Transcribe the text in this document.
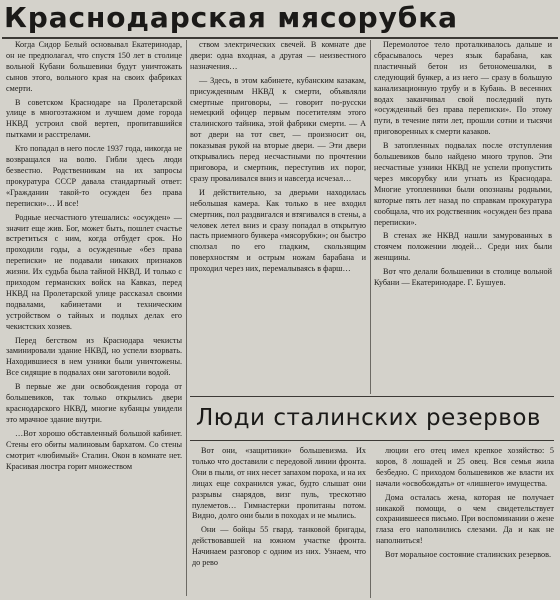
Краснодарская мясорубка

Когда Сидор Белый основывал Екатеринодар, он не предполагал, что спустя 150 лет в столице вольной Кубани большевики будут уничтожать сынов этого, вольного края на своих фабриках смерти.

В советском Краснодаре на Пролетарской улице в многоэтажном и лучшем доме города НКВД устроил свой вертеп, пропитавшийся пытками и расстрелами.

Кто попадал в него после 1937 года, никогда не возвращался на волю. Гибли здесь люди безвестно. Родственникам на их запросы прокуратура СССР давала стандартный ответ: «Гражданин такой-то осужден без права переписки»… И все!

Родные несчастного утешались: «осужден» — значит еще жив. Бог, может быть, пошлет счастье встретиться с ним, когда отбудет срок. Но проходили годы, а осужденные «без права переписки» не подавали никаких признаков жизни. Их судьба была тайной НКВД. И только с приходом германских войск на Кавказ, перед НКВД на Пролетарской улице рассказал своими подвалами, кабинетами и техническим устройством о тайных и подлых делах его чекистских хозяев.

Перед бегством из Краснодара чекисты заминировали здание НКВД, но успели взорвать. Находившиеся в нем узники были уничтожены. Все сидящие в подвалах они заготовили водой.

В первые же дни освобождения города от большевиков, так только открылись двери краснодарского НКВД, многие кубанцы увидели это мрачное здание внутри.

…Вот хорошо обставленный большой кабинет. Стены его обиты малиновым бархатом. Со стены смотрит «любимый» Сталин. Окон в комнате нет. Красивая люстра горит множеством

ством электрических свечей. В комнате две двери: одна входная, а другая — неизвестного назначения…

— Здесь, в этом кабинете, кубанским казакам, присужденным НКВД к смерти, объявляли смертные приговоры, — говорит по-русски немецкий офицер первым посетителям этого сталинского тайника, этой фабрики смерти. — А вот двери на тот свет, — произносит он, показывая рукой на вторые двери. — Эти двери открывались перед несчастными по прочтении приговора, и смертник, переступив их порог, сразу проваливался вниз и навсегда исчезал…

И действительно, за дверьми находилась небольшая камера. Как только в нее входил смертник, пол раздвигался и втягивался в стены, а человек летел вниз и сразу попадал в открытую пасть приемного бункера «мясорубки»; он быстро сползал по его гладким, скользящим поверхностям и острым ножам барабана и проходил через них, перемалываясь в фарш…

Перемолотое тело проталкивалось дальше и сбрасывалось через язык барабана, как пластичный бетон из бетономешалки, в следующий бункер, а из него — сразу в большую канализационную трубу и в Кубань. В весенних водах заканчивал свой последний путь «осужденный без права переписки». По этому пути, в течение пяти лет, прошли сотни и тысячи приговоренных к смерти казаков.

В затопленных подвалах после отступления большевиков было найдено много трупов. Эти несчастные узники НКВД не успели пропустить через мясорубку или угнать из Краснодара. Многие утопленники были опознаны родными, которые пять лет назад по справкам прокуратура сообщала, что их родственник «осужден без права переписки».

В стенах же НКВД нашли замурованных в стоячем положении людей… Среди них были женщины.

Вот что делали большевики в столице вольной Кубани — Екатеринодаре. Г. Бушуев.

Люди сталинских резервов

Вот они, «защитники» большевизма. Их только что доставили с передовой линии фронта. Они в пыли, от них несет запахом пороха, и на их лицах еще сохранился ужас, будто слышат они разрывы снарядов, визг пуль, трескотню пулеметов… Гимнастерки пропитаны потом. Видно, долго они были в походах и не мылись.

Они — бойцы 55 гвард. танковой бригады, действовавшей на южном участке фронта. Начинаем разговор с одним из них. Узнаем, что до рево

люции его отец имел крепкое хозяйство: 5 коров, 8 лошадей и 25 овец. Вся семья жила безбедно. С приходом большевиков же власти их начали «освобождать» от «лишнего» имущества.

Дома осталась жена, которая не получает никакой помощи, о чем свидетельствует сохранившееся письмо. При воспоминании о жене глаза его наполнились слезами. Да и как не наполниться!

Вот моральное состояние сталинских резервов.
